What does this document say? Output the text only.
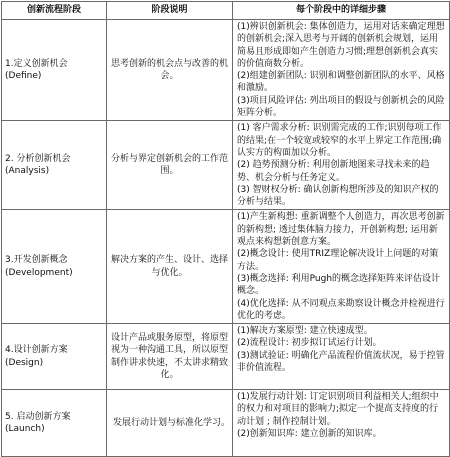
创新流程阶段	阶段说明	每个阶段中的详细步骤

1.定义创新机会
(Define)	思考创新的机会点与改善的机会。	(1)辨识创新机会: 集体创造力，运用对话来确定理想的创新机会;深入思考与开阔的创新机会规划，运用简易且形成即如产生创造力习惯;理想创新机会真实的价值商数分析。
(2)组建创新团队: 识别和调整创新团队的水平、风格和激励。
(3)项目风险评估: 列出项目的假设与创新机会的风险矩阵分析。

2. 分析创新机会
(Analysis)	分析与界定创新机会的工作范围。	(1) 客户需求分析: 识别需完成的工作;识别每项工作的结果;在一个较宽或较窄的水平上界定工作范围;确认实方的构面加以分析。
(2) 趋势预测分析: 利用创新地图来寻找未来的趋势、机会分析与任务定义。
(3) 智财权分析: 确认创新构想所涉及的知识产权的分析与结果。

3.开发创新概念
(Development)	解决方案的产生、设计、选择与优化。	(1)产生新构想: 重新调整个人创造力，再次思考创新的新构想; 透过集体脑力接力，开创新构想; 运用新观点来构想新创意方案。
(2)概念设计: 使用TRIZ理论解决设计上问题的对策方法。
(3)概念选择: 利用Pugh的概念选择矩阵来评估设计概念。
(4)优化选择: 从不同观点来勘察设计概念并检视进行优化的考虑。

4.设计创新方案
(Design)	设计产品或服务原型，将原型视为一种沟通工具，所以原型制作讲求快速，不太讲求精致化。	(1)解决方案原型: 建立快速成型。
(2)流程设计: 初步拟订试运行计划。
(3)测试验证: 明确化产品流程价值流状况，易于控管非价值流程。

5. 启动创新方案
(Launch)	发展行动计划与标准化学习。	(1)发展行动计划: 订定识别项目利益相关人;组织中的权力和对项目的影响力;拟定一个提高支持度的行动计划 ; 制作控制计划。
(2)创新知识库: 建立创新的知识库。
